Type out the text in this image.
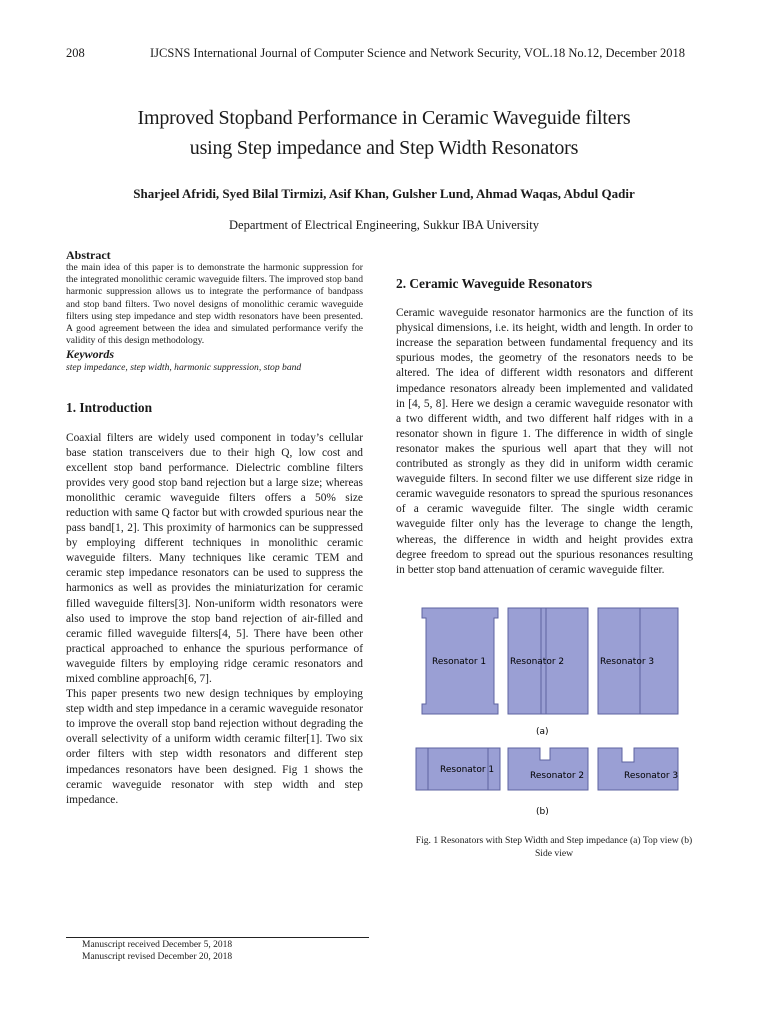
208	IJCSNS International Journal of Computer Science and Network Security, VOL.18 No.12, December 2018
Improved Stopband Performance in Ceramic Waveguide filters
using Step impedance and Step Width Resonators
Sharjeel Afridi, Syed Bilal Tirmizi, Asif Khan, Gulsher Lund, Ahmad Waqas, Abdul Qadir
Department of Electrical Engineering, Sukkur IBA University
Abstract

the main idea of this paper is to demonstrate the harmonic suppression for the integrated monolithic ceramic waveguide filters. The improved stop band harmonic suppression allows us to integrate the performance of bandpass and stop band filters. Two novel designs of monolithic ceramic waveguide filters using step impedance and step width resonators have been presented. A good agreement between the idea and simulated performance verify the validity of this design methodology.

Keywords

step impedance, step width, harmonic suppression, stop band

1. Introduction

Coaxial filters are widely used component in today’s cellular base station transceivers due to their high Q, low cost and excellent stop band performance. Dielectric combline filters provides very good stop band rejection but a large size; whereas monolithic ceramic waveguide filters offers a 50% size reduction with same Q factor but with crowded spurious near the pass band[1, 2]. This proximity of harmonics can be suppressed by employing different techniques in monolithic ceramic waveguide filters. Many techniques like ceramic TEM and ceramic step impedance resonators can be used to suppress the harmonics as well as provides the miniaturization for ceramic filled waveguide filters[3]. Non-uniform width resonators were also used to improve the stop band rejection of air-filled and ceramic filled waveguide filters[4, 5]. There have been other practical approached to enhance the spurious performance of waveguide filters by employing ridge ceramic resonators and mixed combline approach[6, 7].

This paper presents two new design techniques by employing step width and step impedance in a ceramic waveguide resonator to improve the overall stop band rejection without degrading the overall selectivity of a uniform width ceramic filter[1]. Two six order filters with step width resonators and different step impedances resonators have been designed. Fig 1 shows the ceramic waveguide resonator with step width and step impedance.

2. Ceramic Waveguide Resonators

Ceramic waveguide resonator harmonics are the function of its physical dimensions, i.e. its height, width and length. In order to increase the separation between fundamental frequency and its spurious modes, the geometry of the resonators needs to be altered. The idea of different width resonators and different impedance resonators already been implemented and validated in [4, 5, 8]. Here we design a ceramic waveguide resonator with a two different width, and two different half ridges with in a resonator shown in figure 1. The difference in width of single resonator makes the spurious well apart that they will not contributed as strongly as they did in uniform width ceramic waveguide filters. In second filter we use different size ridge in ceramic waveguide resonators to spread the spurious resonances of a ceramic waveguide filter. The single width ceramic waveguide filter only has the leverage to change the length, whereas, the difference in width and height provides extra degree freedom to spread out the spurious resonances resulting in better stop band attenuation of ceramic waveguide filter.

Resonator 1	Resonator 2	Resonator 3
(a)
Resonator 1
Resonator 2	Resonator 3
(b)
Fig. 1 Resonators with Step Width and Step impedance (a) Top view (b)
Side view
Manuscript received December 5, 2018
Manuscript revised December 20, 2018
